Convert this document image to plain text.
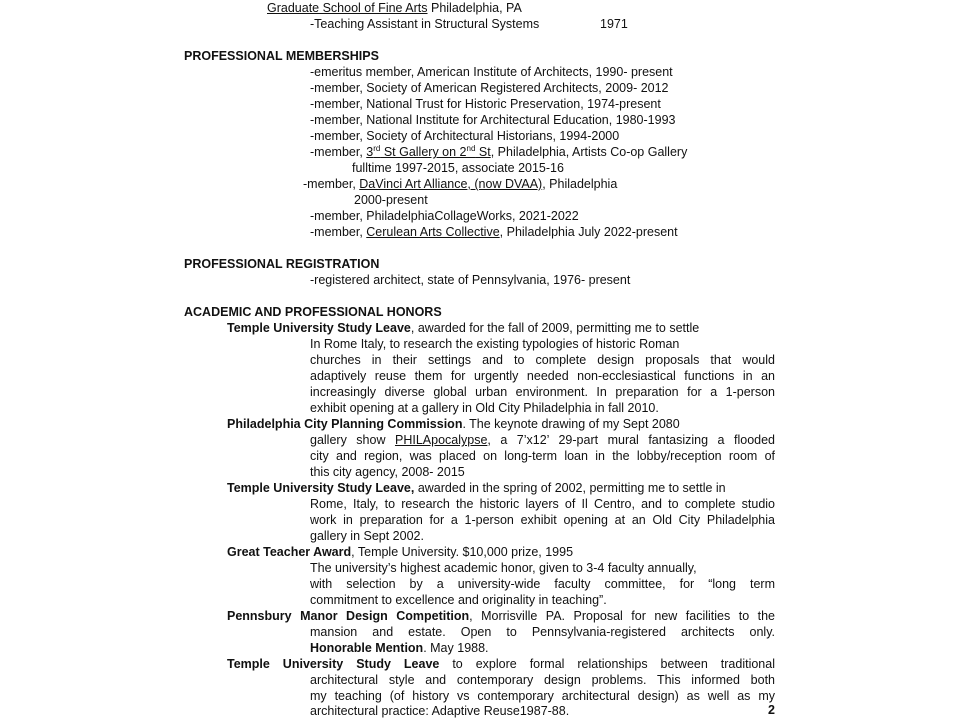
Graduate School of Fine Arts Philadelphia, PA
-Teaching Assistant in Structural Systems	1971
PROFESSIONAL MEMBERSHIPS
-emeritus member, American Institute of Architects, 1990- present
-member, Society of American Registered Architects, 2009- 2012
-member, National Trust for Historic Preservation, 1974-present
-member, National Institute for Architectural Education, 1980-1993
-member, Society of Architectural Historians, 1994-2000
-member, 3rd St Gallery on 2nd St, Philadelphia, Artists Co-op Gallery
fulltime 1997-2015, associate 2015-16
-member, DaVinci Art Alliance, (now DVAA), Philadelphia
2000-present
-member, PhiladelphiaCollageWorks, 2021-2022
-member, Cerulean Arts Collective, Philadelphia July 2022-present
PROFESSIONAL REGISTRATION
-registered architect, state of Pennsylvania, 1976- present
ACADEMIC AND PROFESSIONAL HONORS
Temple University Study Leave, awarded for the fall of 2009, permitting me to settle
In Rome Italy, to research the existing typologies of historic Roman
churches in their settings and to complete design proposals that would
adaptively reuse them for urgently needed non-ecclesiastical functions in an
increasingly diverse global urban environment. In preparation for a 1-person
exhibit opening at a gallery in Old City Philadelphia in fall 2010.
Philadelphia City Planning Commission. The keynote drawing of my Sept 2080
gallery show PHILApocalypse, a 7’x12’ 29-part mural fantasizing a flooded
city and region, was placed on long-term loan in the lobby/reception room of
this city agency, 2008- 2015
Temple University Study Leave, awarded in the spring of 2002, permitting me to settle in
Rome, Italy, to research the historic layers of Il Centro, and to complete studio
work in preparation for a 1-person exhibit opening at an Old City Philadelphia
gallery in Sept 2002.
Great Teacher Award, Temple University. $10,000 prize, 1995
The university’s highest academic honor, given to 3-4 faculty annually,
with selection by a university-wide faculty committee, for “long term
commitment to excellence and originality in teaching”.
Pennsbury Manor Design Competition, Morrisville PA. Proposal for new facilities to the
mansion and estate. Open to Pennsylvania-registered architects only.
Honorable Mention. May 1988.
Temple University Study Leave to explore formal relationships between traditional
architectural style and contemporary design problems. This informed both
my teaching (of history vs contemporary architectural design) as well as my
architectural practice: Adaptive Reuse1987-88.	2
